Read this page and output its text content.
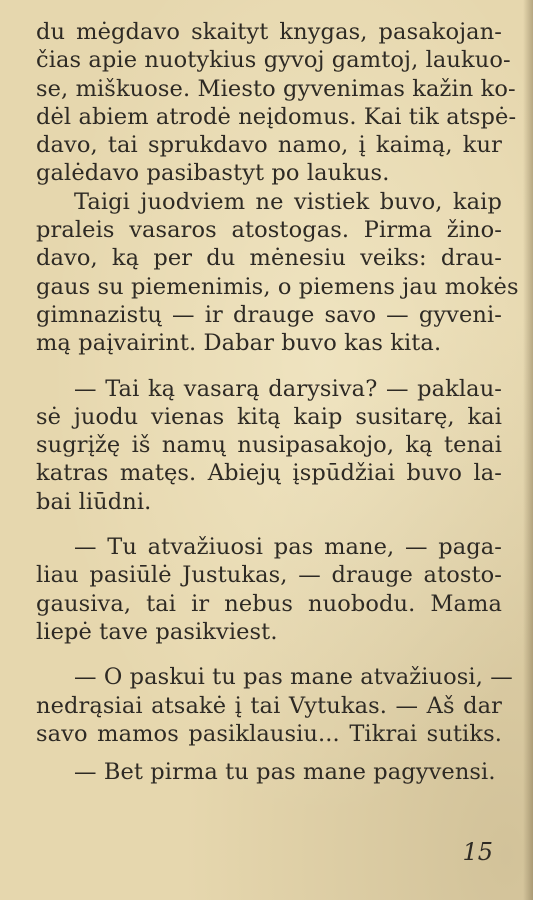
du mėgdavo skaityt knygas, pasakojan-
čias apie nuotykius gyvoj gamtoj, laukuo-
se, miškuose. Miesto gyvenimas kažin ko-
dėl abiem atrodė neįdomus. Kai tik atspė-
davo, tai sprukdavo namo, į kaimą, kur
galėdavo pasibastyt po laukus.
Taigi juodviem ne vistiek buvo, kaip
praleis vasaros atostogas. Pirma žino-
davo, ką per du mėnesiu veiks: drau-
gaus su piemenimis, o piemens jau mokės
gimnazistų — ir drauge savo — gyveni-
mą paįvairint. Dabar buvo kas kita.
— Tai ką vasarą darysiva? — paklau-
sė juodu vienas kitą kaip susitarę, kai
sugrįžę iš namų nusipasakojo, ką tenai
katras matęs. Abiejų įspūdžiai buvo la-
bai liūdni.
— Tu atvažiuosi pas mane, — paga-
liau pasiūlė Justukas, — drauge atosto-
gausiva, tai ir nebus nuobodu. Mama
liepė tave pasikviest.
— O paskui tu pas mane atvažiuosi, —
nedrąsiai atsakė į tai Vytukas. — Aš dar
savo mamos pasiklausiu... Tikrai sutiks.
— Bet pirma tu pas mane pagyvensi.
15
